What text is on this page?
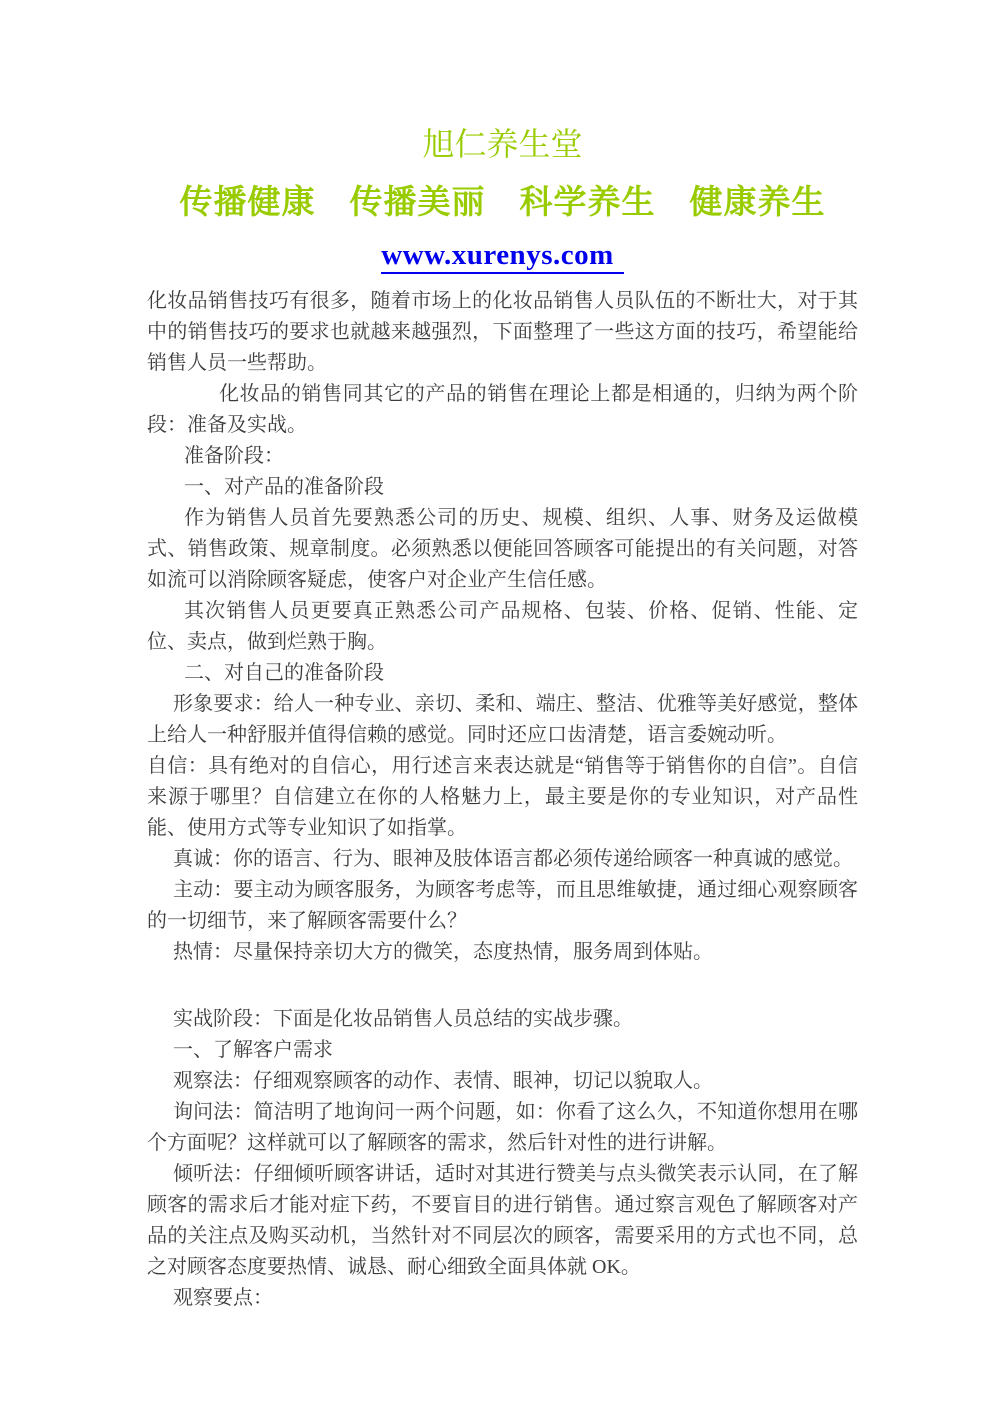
旭仁养生堂
传播健康　传播美丽　科学养生　健康养生
www.xurenys.com

化妆品销售技巧有很多，随着市场上的化妆品销售人员队伍的不断壮大，对于其中的销售技巧的要求也就越来越强烈，下面整理了一些这方面的技巧，希望能给销售人员一些帮助。

化妆品的销售同其它的产品的销售在理论上都是相通的，归纳为两个阶段：准备及实战。

准备阶段：

一、对产品的准备阶段

作为销售人员首先要熟悉公司的历史、规模、组织、人事、财务及运做模式、销售政策、规章制度。必须熟悉以便能回答顾客可能提出的有关问题，对答如流可以消除顾客疑虑，使客户对企业产生信任感。

其次销售人员更要真正熟悉公司产品规格、包装、价格、促销、性能、定位、卖点，做到烂熟于胸。

二、对自己的准备阶段

形象要求：给人一种专业、亲切、柔和、端庄、整洁、优雅等美好感觉，整体上给人一种舒服并值得信赖的感觉。同时还应口齿清楚，语言委婉动听。

自信：具有绝对的自信心，用行述言来表达就是“销售等于销售你的自信”。自信来源于哪里？自信建立在你的人格魅力上，最主要是你的专业知识，对产品性能、使用方式等专业知识了如指掌。

真诚：你的语言、行为、眼神及肢体语言都必须传递给顾客一种真诚的感觉。

主动：要主动为顾客服务，为顾客考虑等，而且思维敏捷，通过细心观察顾客的一切细节，来了解顾客需要什么？

热情：尽量保持亲切大方的微笑，态度热情，服务周到体贴。

实战阶段：下面是化妆品销售人员总结的实战步骤。

一、了解客户需求

观察法：仔细观察顾客的动作、表情、眼神，切记以貌取人。

询问法：简洁明了地询问一两个问题，如：你看了这么久，不知道你想用在哪个方面呢？这样就可以了解顾客的需求，然后针对性的进行讲解。

倾听法：仔细倾听顾客讲话，适时对其进行赞美与点头微笑表示认同，在了解顾客的需求后才能对症下药，不要盲目的进行销售。通过察言观色了解顾客对产品的关注点及购买动机，当然针对不同层次的顾客，需要采用的方式也不同，总之对顾客态度要热情、诚恳、耐心细致全面具体就 OK。

观察要点：
